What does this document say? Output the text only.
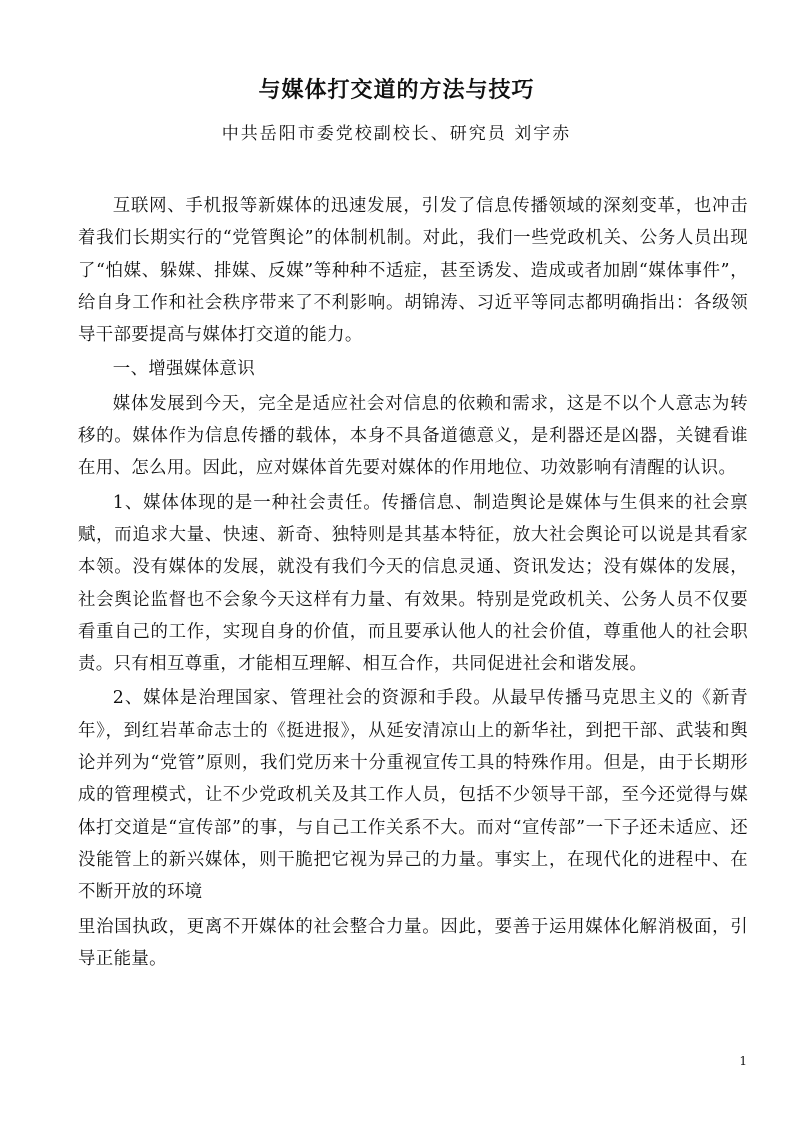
与媒体打交道的方法与技巧
中共岳阳市委党校副校长、研究员 刘宇赤

互联网、手机报等新媒体的迅速发展，引发了信息传播领域的深刻变革，也冲击着我们长期实行的“党管舆论”的体制机制。对此，我们一些党政机关、公务人员出现了“怕媒、躲媒、排媒、反媒”等种种不适症，甚至诱发、造成或者加剧“媒体事件”，给自身工作和社会秩序带来了不利影响。胡锦涛、习近平等同志都明确指出：各级领导干部要提高与媒体打交道的能力。

一、增强媒体意识

媒体发展到今天，完全是适应社会对信息的依赖和需求，这是不以个人意志为转移的。媒体作为信息传播的载体，本身不具备道德意义，是利器还是凶器，关键看谁在用、怎么用。因此，应对媒体首先要对媒体的作用地位、功效影响有清醒的认识。

1、媒体体现的是一种社会责任。传播信息、制造舆论是媒体与生俱来的社会禀赋，而追求大量、快速、新奇、独特则是其基本特征，放大社会舆论可以说是其看家本领。没有媒体的发展，就没有我们今天的信息灵通、资讯发达；没有媒体的发展，社会舆论监督也不会象今天这样有力量、有效果。特别是党政机关、公务人员不仅要看重自己的工作，实现自身的价值，而且要承认他人的社会价值，尊重他人的社会职责。只有相互尊重，才能相互理解、相互合作，共同促进社会和谐发展。

2、媒体是治理国家、管理社会的资源和手段。从最早传播马克思主义的《新青年》，到红岩革命志士的《挺进报》，从延安清凉山上的新华社，到把干部、武装和舆论并列为“党管”原则，我们党历来十分重视宣传工具的特殊作用。但是，由于长期形成的管理模式，让不少党政机关及其工作人员，包括不少领导干部，至今还觉得与媒体打交道是“宣传部”的事，与自己工作关系不大。而对“宣传部”一下子还未适应、还没能管上的新兴媒体，则干脆把它视为异己的力量。事实上，在现代化的进程中、在不断开放的环境

里治国执政，更离不开媒体的社会整合力量。因此，要善于运用媒体化解消极面，引导正能量。

1
